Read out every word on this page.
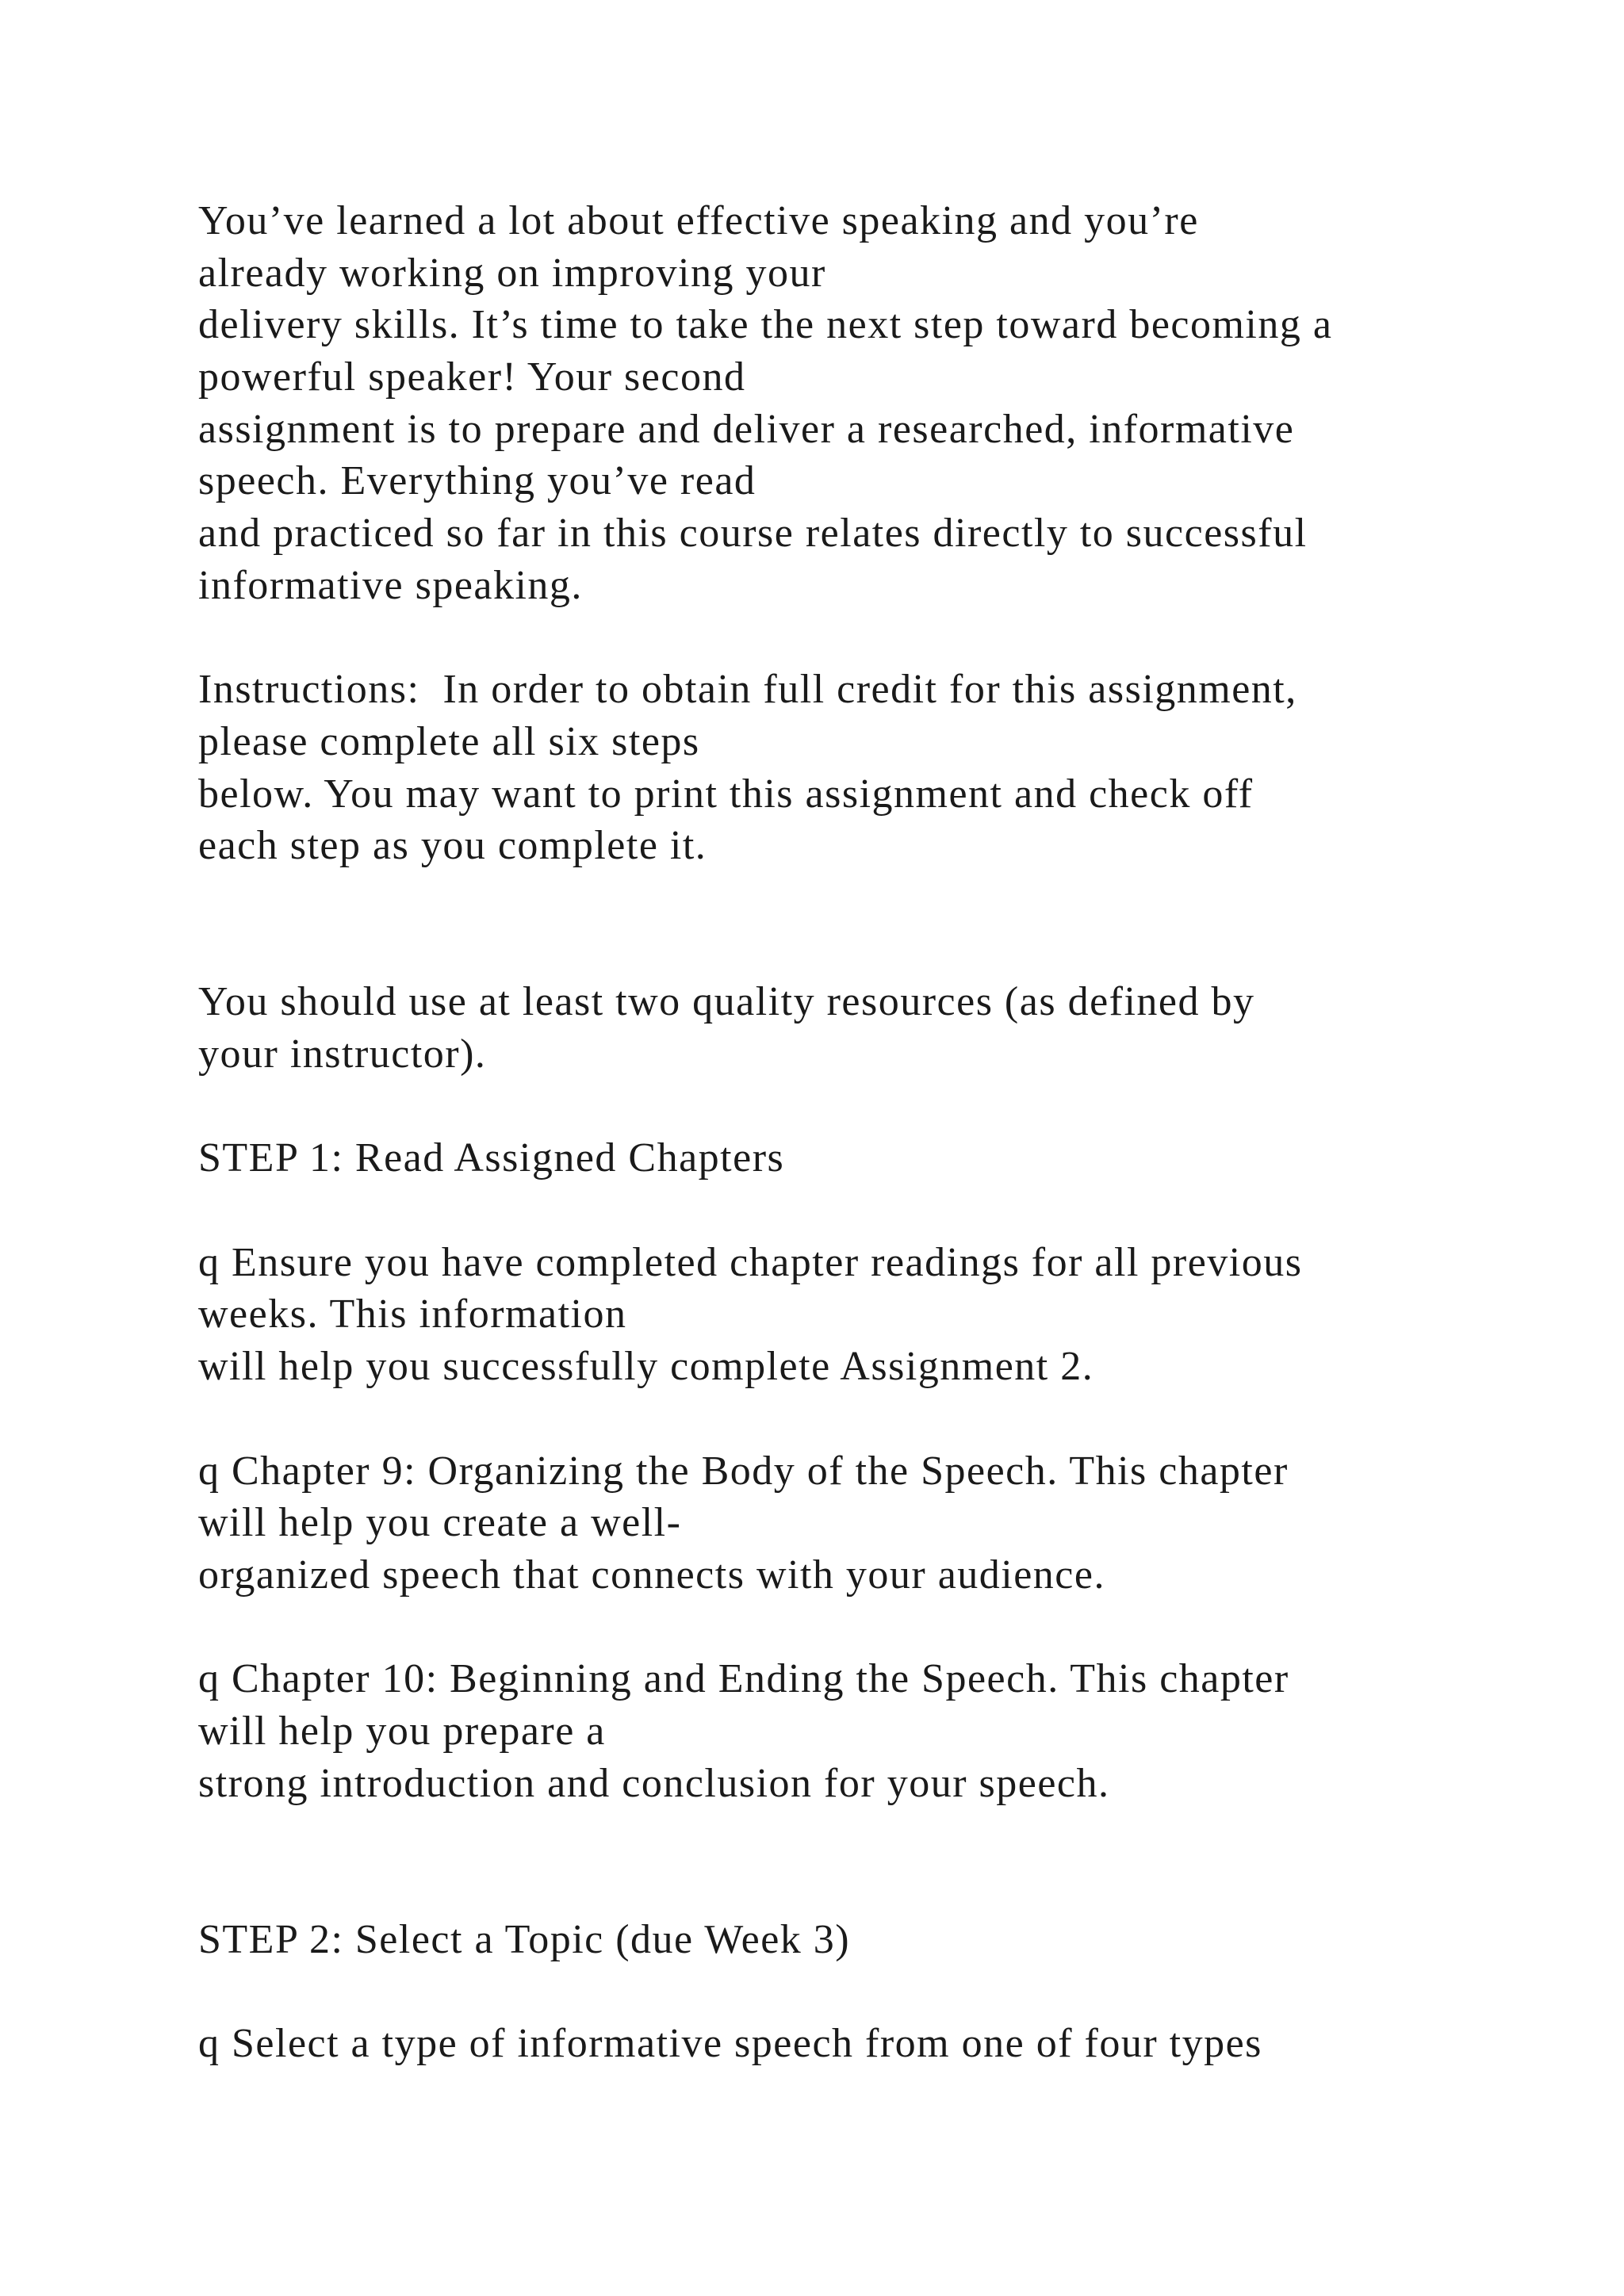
You’ve learned a lot about effective speaking and you’re
already working on improving your
delivery skills. It’s time to take the next step toward becoming a
powerful speaker! Your second
assignment is to prepare and deliver a researched, informative
speech. Everything you’ve read
and practiced so far in this course relates directly to successful
informative speaking.
Instructions:  In order to obtain full credit for this assignment,
please complete all six steps
below. You may want to print this assignment and check off
each step as you complete it.
You should use at least two quality resources (as defined by
your instructor).
STEP 1: Read Assigned Chapters
q Ensure you have completed chapter readings for all previous
weeks. This information
will help you successfully complete Assignment 2.
q Chapter 9: Organizing the Body of the Speech. This chapter
will help you create a well-
organized speech that connects with your audience.
q Chapter 10: Beginning and Ending the Speech. This chapter
will help you prepare a
strong introduction and conclusion for your speech.
STEP 2: Select a Topic (due Week 3)
q Select a type of informative speech from one of four types
